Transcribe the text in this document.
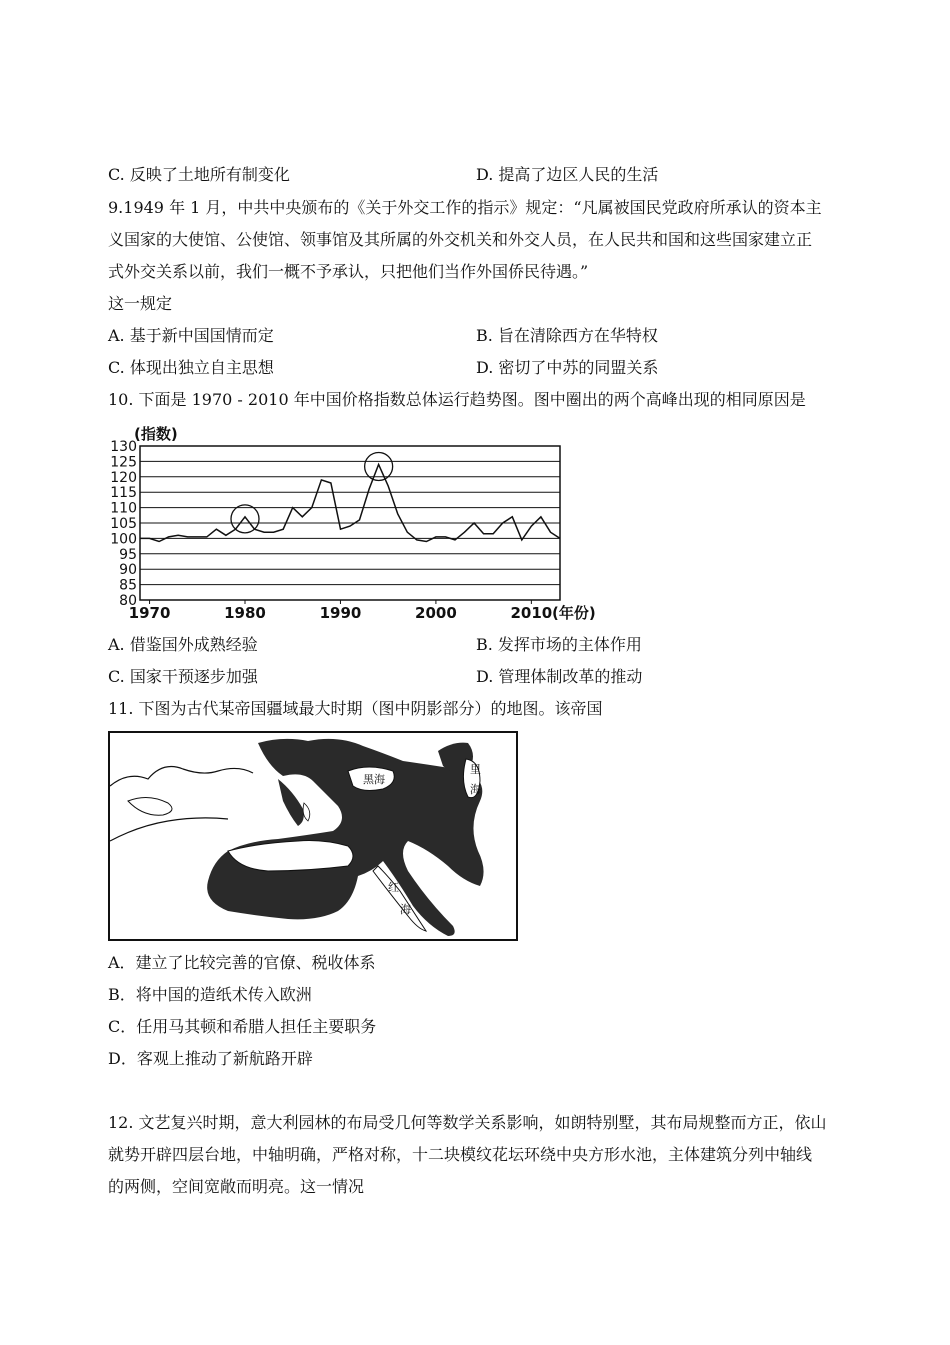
C. 反映了土地所有制变化	D. 提高了边区人民的生活
9.1949 年 1 月，中共中央颁布的《关于外交工作的指示》规定：“凡属被国民党政府所承认的资本主
义国家的大使馆、公使馆、领事馆及其所属的外交机关和外交人员，在人民共和国和这些国家建立正
式外交关系以前，我们一概不予承认，只把他们当作外国侨民待遇。”
这一规定
A. 基于新中国国情而定	B. 旨在清除西方在华特权
C. 体现出独立自主思想	D. 密切了中苏的同盟关系
10. 下面是 1970 - 2010 年中国价格指数总体运行趋势图。图中圈出的两个高峰出现的相同原因是
80
85
90
95
100
105
110
115
120
125
130
1970	1980	1990	2000	2010
(指数)
(年份)
A. 借鉴国外成熟经验	B. 发挥市场的主体作用
C. 国家干预逐步加强	D. 管理体制改革的推动
11. 下图为古代某帝国疆域最大时期（图中阴影部分）的地图。该帝国
黑海
里
海
红
海
A．建立了比较完善的官僚、税收体系
B．将中国的造纸术传入欧洲
C．任用马其顿和希腊人担任主要职务
D．客观上推动了新航路开辟
12. 文艺复兴时期，意大利园林的布局受几何等数学关系影响，如朗特别墅，其布局规整而方正，依山
就势开辟四层台地，中轴明确，严格对称，十二块模纹花坛环绕中央方形水池，主体建筑分列中轴线
的两侧，空间宽敞而明亮。这一情况
